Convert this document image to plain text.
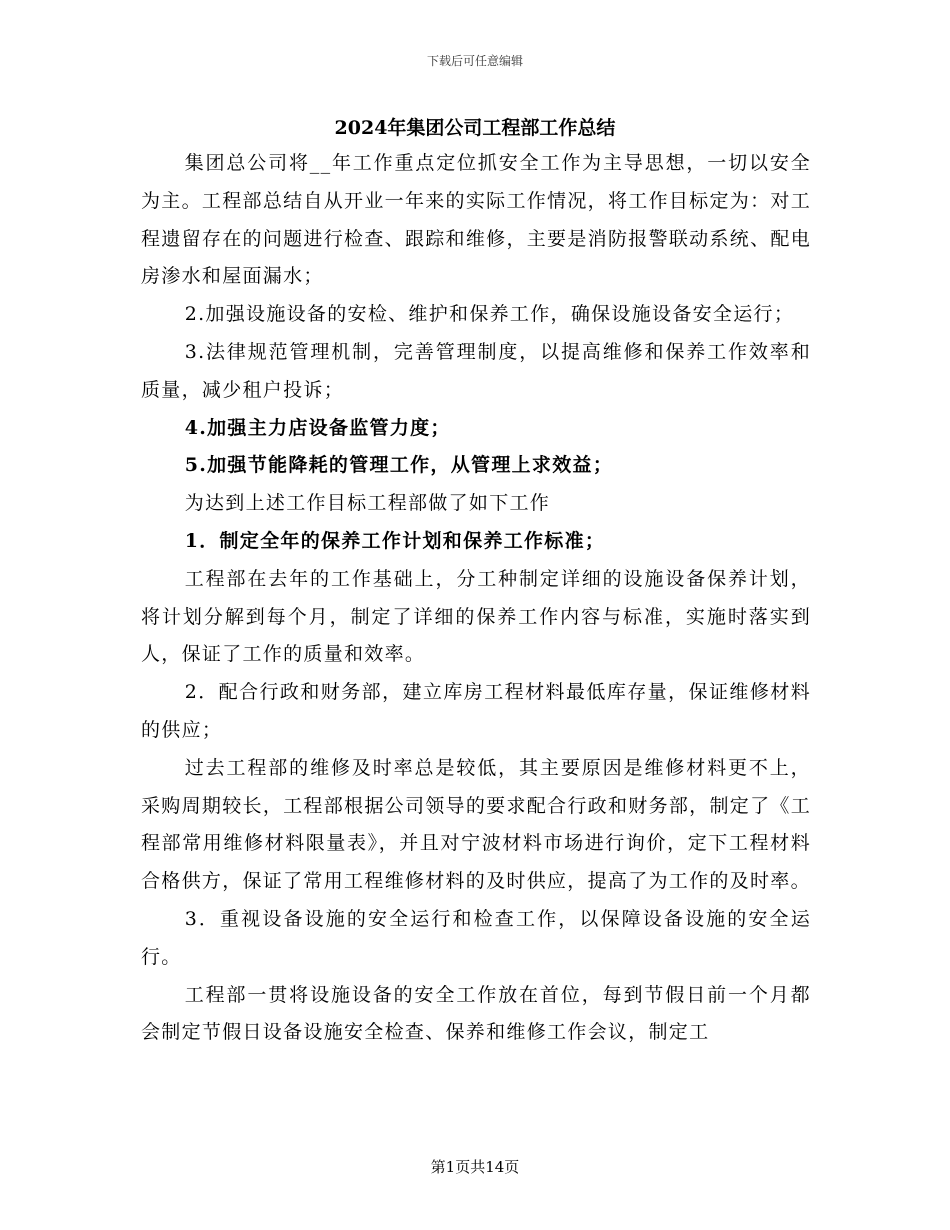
下载后可任意编辑
2024年集团公司工程部工作总结

集团总公司将__年工作重点定位抓安全工作为主导思想，一切以安全为主。工程部总结自从开业一年来的实际工作情况，将工作目标定为：对工程遗留存在的问题进行检查、跟踪和维修，主要是消防报警联动系统、配电房渗水和屋面漏水；

2.加强设施设备的安检、维护和保养工作，确保设施设备安全运行；

3.法律规范管理机制，完善管理制度，以提高维修和保养工作效率和质量，减少租户投诉；

4.加强主力店设备监管力度；

5.加强节能降耗的管理工作，从管理上求效益；

为达到上述工作目标工程部做了如下工作

1．制定全年的保养工作计划和保养工作标准；

工程部在去年的工作基础上，分工种制定详细的设施设备保养计划，将计划分解到每个月，制定了详细的保养工作内容与标准，实施时落实到人，保证了工作的质量和效率。

2．配合行政和财务部，建立库房工程材料最低库存量，保证维修材料的供应；

过去工程部的维修及时率总是较低，其主要原因是维修材料更不上，采购周期较长，工程部根据公司领导的要求配合行政和财务部，制定了《工程部常用维修材料限量表》，并且对宁波材料市场进行询价，定下工程材料合格供方，保证了常用工程维修材料的及时供应，提高了为工作的及时率。

3．重视设备设施的安全运行和检查工作，以保障设备设施的安全运行。

工程部一贯将设施设备的安全工作放在首位，每到节假日前一个月都会制定节假日设备设施安全检查、保养和维修工作会议，制定工

第1页共14页
